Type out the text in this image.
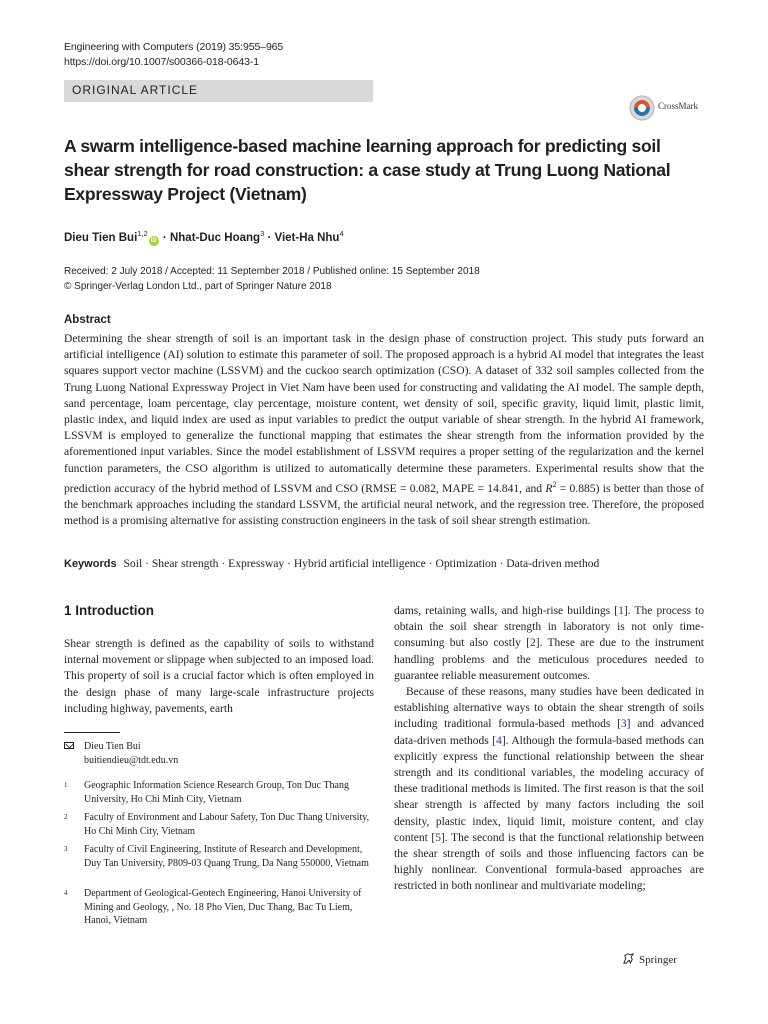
Engineering with Computers (2019) 35:955–965
https://doi.org/10.1007/s00366-018-0643-1
ORIGINAL ARTICLE
CrossMark
A swarm intelligence-based machine learning approach for predicting soil shear strength for road construction: a case study at Trung Luong National Expressway Project (Vietnam)
Dieu Tien Bui$^{1,2}$iD · Nhat-Duc Hoang$^3$ · Viet-Ha Nhu$^4$
Received: 2 July 2018 / Accepted: 11 September 2018 / Published online: 15 September 2018
© Springer-Verlag London Ltd., part of Springer Nature 2018
Abstract
Determining the shear strength of soil is an important task in the design phase of construction project. This study puts forward an artificial intelligence (AI) solution to estimate this parameter of soil. The proposed approach is a hybrid AI model that integrates the least squares support vector machine (LSSVM) and the cuckoo search optimization (CSO). A dataset of 332 soil samples collected from the Trung Luong National Expressway Project in Viet Nam have been used for constructing and validating the AI model. The sample depth, sand percentage, loam percentage, clay percentage, moisture content, wet density of soil, specific gravity, liquid limit, plastic limit, plastic index, and liquid index are used as input variables to predict the output variable of shear strength. In the hybrid AI framework, LSSVM is employed to generalize the functional mapping that estimates the shear strength from the information provided by the aforementioned input variables. Since the model establishment of LSSVM requires a proper setting of the regularization and the kernel function parameters, the CSO algorithm is utilized to automatically determine these parameters. Experimental results show that the prediction accuracy of the hybrid method of LSSVM and CSO (RMSE = 0.082, MAPE = 14.841, and $R^2 = 0.885$) is better than those of the benchmark approaches including the standard LSSVM, the artificial neural network, and the regression tree. Therefore, the proposed method is a promising alternative for assisting construction engineers in the task of soil shear strength estimation.
Keywords Soil · Shear strength · Expressway · Hybrid artificial intelligence · Optimization · Data-driven method
1 Introduction

Shear strength is defined as the capability of soils to withstand internal movement or slippage when subjected to an imposed load. This property of soil is a crucial factor which is often employed in the design phase of many large-scale infrastructure projects including highway, pavements, earth

dams, retaining walls, and high-rise buildings [1]. The process to obtain the soil shear strength in laboratory is not only time-consuming but also costly [2]. These are due to the instrument handling problems and the meticulous procedures needed to guarantee reliable measurement outcomes.

Because of these reasons, many studies have been dedicated in establishing alternative ways to obtain the shear strength of soils including traditional formula-based methods [3] and advanced data-driven methods [4]. Although the formula-based methods can explicitly express the functional relationship between the shear strength and its conditional variables, the modeling accuracy of these traditional methods is limited. The first reason is that the soil shear strength is affected by many factors including the soil density, plastic index, liquid limit, moisture content, and clay content [5]. The second is that the functional relationship between the shear strength of soils and those influencing factors can be highly nonlinear. Conventional formula-based approaches are restricted in both nonlinear and multivariate modeling;

Dieu Tien Bui
buitiendieu@tdt.edu.vn
1 Geographic Information Science Research Group, Ton Duc Thang University, Ho Chi Minh City, Vietnam
2 Faculty of Environment and Labour Safety, Ton Duc Thang University, Ho Chi Minh City, Vietnam
3 Faculty of Civil Engineering, Institute of Research and Development, Duy Tan University, P809-03 Quang Trung, Da Nang 550000, Vietnam
4 Department of Geological-Geotech Engineering, Hanoi University of Mining and Geology, , No. 18 Pho Vien, Duc Thang, Bac Tu Liem, Hanoi, Vietnam
Springer
